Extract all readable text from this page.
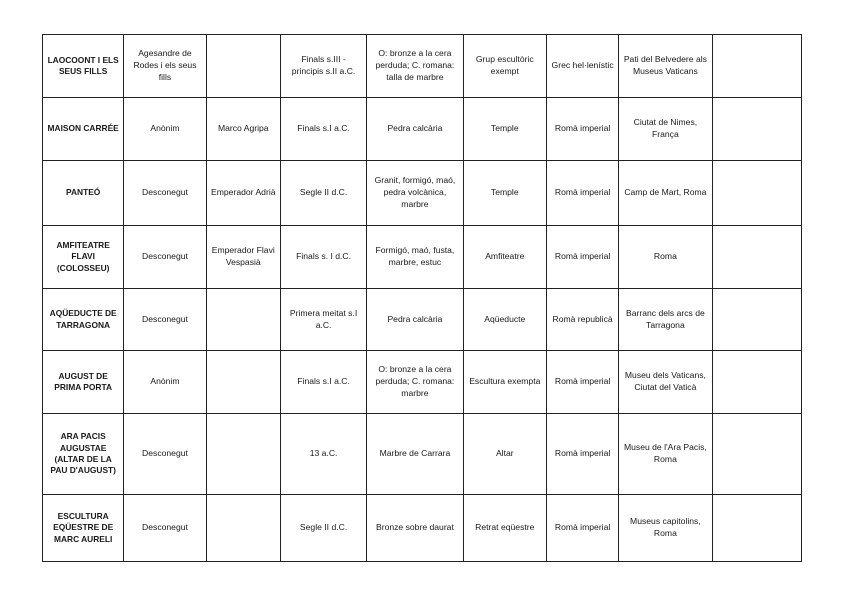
LAOCOONT I ELS SEUS FILLS	Agesandre de Rodes i els seus fills		Finals s.III - principis s.II a.C.	O: bronze a la cera perduda; C. romana: talla de marbre	Grup escultòric exempt	Grec hel·lenístic	Pati del Belvedere als Museus Vaticans	
MAISON CARRÉE	Anònim	Marco Agripa	Finals s.I a.C.	Pedra calcària	Temple	Romà imperial	Ciutat de Nimes, França	
PANTEÓ	Desconegut	Emperador Adrià	Segle II d.C.	Granit, formigó, maó, pedra volcànica, marbre	Temple	Romà imperial	Camp de Mart, Roma	
AMFITEATRE FLAVI (COLOSSEU)	Desconegut	Emperador Flavi Vespasià	Finals s. I d.C.	Formigó, maó, fusta, marbre, estuc	Amfiteatre	Romà imperial	Roma	
AQÜEDUCTE DE TARRAGONA	Desconegut		Primera meitat s.I a.C.	Pedra calcària	Aqüeducte	Romà republicà	Barranc dels arcs de Tarragona	
AUGUST DE PRIMA PORTA	Anònim		Finals s.I a.C.	O: bronze a la cera perduda; C. romana: marbre	Escultura exempta	Romà imperial	Museu dels Vaticans, Ciutat del Vaticà	
ARA PACIS AUGUSTAE (ALTAR DE LA PAU D'AUGUST)	Desconegut		13 a.C.	Marbre de Carrara	Altar	Romà imperial	Museu de l'Ara Pacis, Roma	
ESCULTURA EQÜESTRE DE MARC AURELI	Desconegut		Segle II d.C.	Bronze sobre daurat	Retrat eqüestre	Romà imperial	Museus capitolins, Roma	
